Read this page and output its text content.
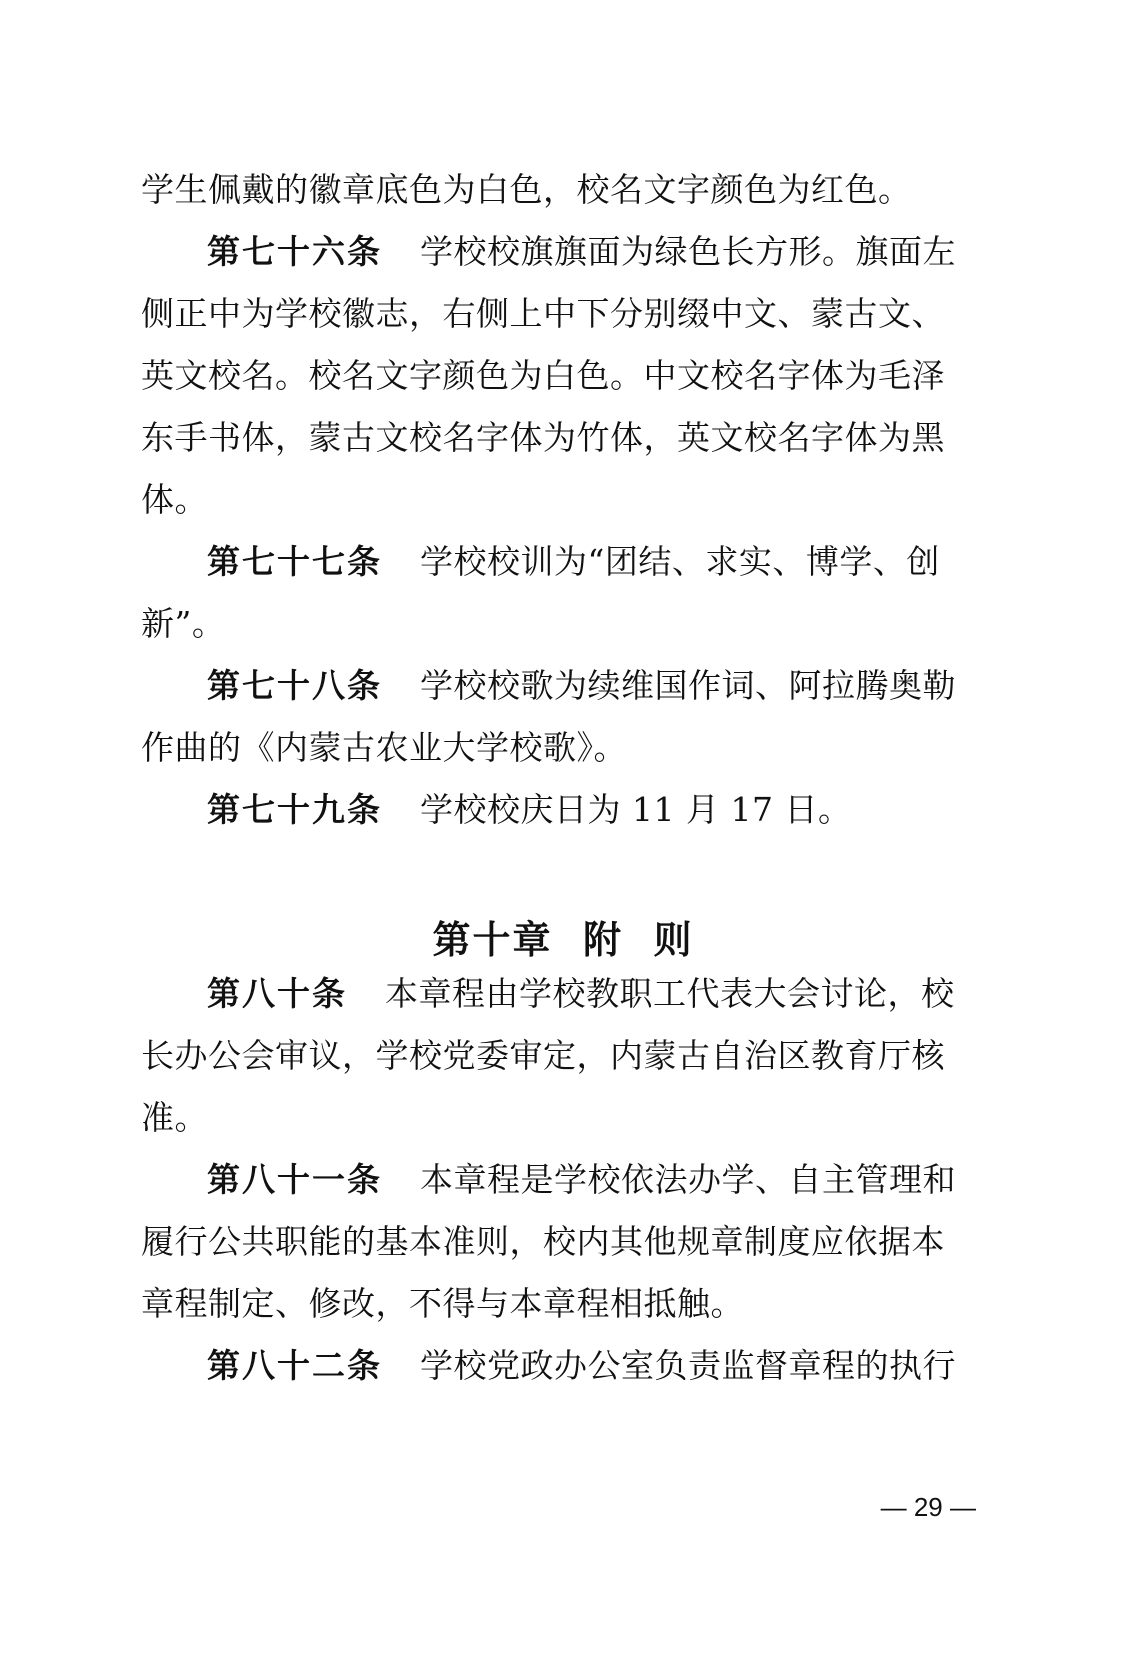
学生佩戴的徽章底色为白色，校名文字颜色为红色。
第七十六条 学校校旗旗面为绿色长方形。旗面左
侧正中为学校徽志，右侧上中下分别缀中文、蒙古文、
英文校名。校名文字颜色为白色。中文校名字体为毛泽
东手书体，蒙古文校名字体为竹体，英文校名字体为黑
体。
第七十七条 学校校训为“团结、求实、博学、创
新”。
第七十八条 学校校歌为续维国作词、阿拉腾奥勒
作曲的《内蒙古农业大学校歌》。
第七十九条 学校校庆日为 11 月 17 日。
第十章  附  则
第八十条 本章程由学校教职工代表大会讨论，校
长办公会审议，学校党委审定，内蒙古自治区教育厅核
准。
第八十一条 本章程是学校依法办学、自主管理和
履行公共职能的基本准则，校内其他规章制度应依据本
章程制定、修改，不得与本章程相抵触。
第八十二条 学校党政办公室负责监督章程的执行
— 29 —
